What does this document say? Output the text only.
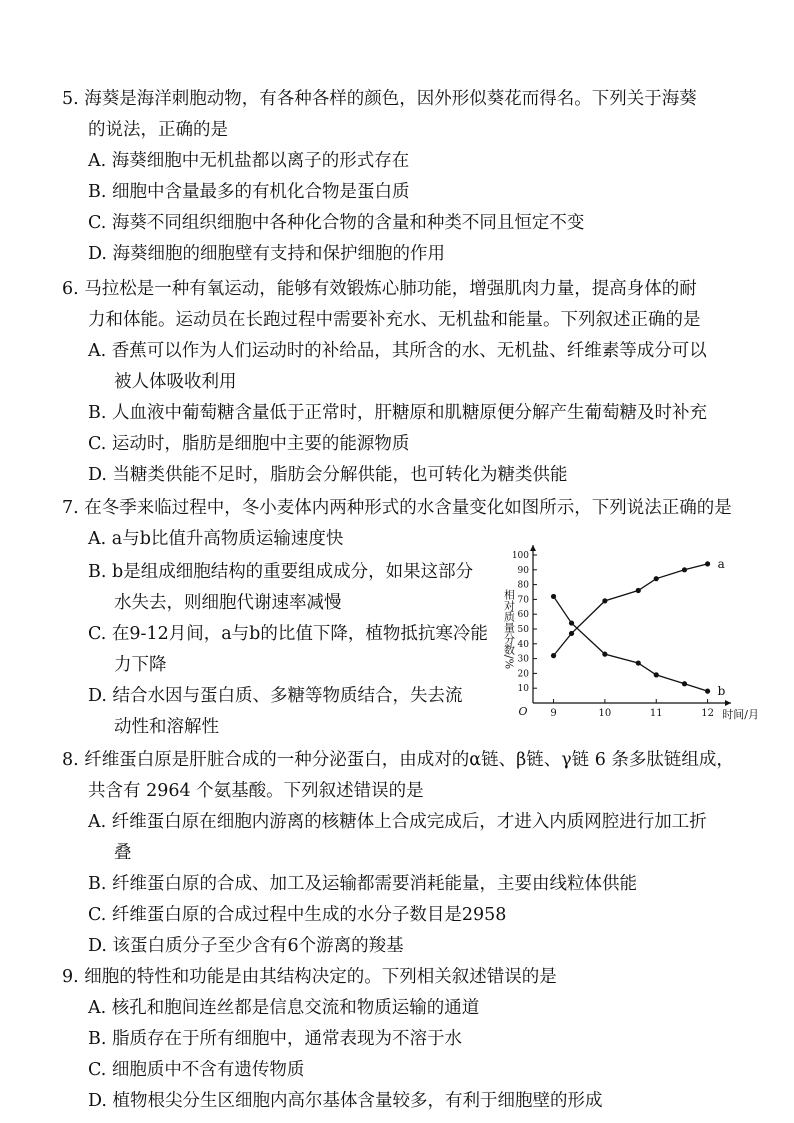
5. 海葵是海洋刺胞动物，有各种各样的颜色，因外形似葵花而得名。下列关于海葵
的说法，正确的是
A. 海葵细胞中无机盐都以离子的形式存在
B. 细胞中含量最多的有机化合物是蛋白质
C. 海葵不同组织细胞中各种化合物的含量和种类不同且恒定不变
D. 海葵细胞的细胞壁有支持和保护细胞的作用
6. 马拉松是一种有氧运动，能够有效锻炼心肺功能，增强肌肉力量，提高身体的耐
力和体能。运动员在长跑过程中需要补充水、无机盐和能量。下列叙述正确的是
A. 香蕉可以作为人们运动时的补给品，其所含的水、无机盐、纤维素等成分可以
被人体吸收利用
B. 人血液中葡萄糖含量低于正常时，肝糖原和肌糖原便分解产生葡萄糖及时补充
C. 运动时，脂肪是细胞中主要的能源物质
D. 当糖类供能不足时，脂肪会分解供能，也可转化为糖类供能
7. 在冬季来临过程中，冬小麦体内两种形式的水含量变化如图所示，下列说法正确的是
A. a与b比值升高物质运输速度快
B. b是组成细胞结构的重要组成成分，如果这部分
水失去，则细胞代谢速率减慢
C. 在9-12月间，a与b的比值下降，植物抵抗寒冷能
力下降
D. 结合水因与蛋白质、多糖等物质结合，失去流
动性和溶解性
10
20
30
40
50
60
70
80
90
100
9	10	11	12
O	时间/月
相对质量分数/%
a
b
8. 纤维蛋白原是肝脏合成的一种分泌蛋白，由成对的α链、β链、γ链 6 条多肽链组成，
共含有 2964 个氨基酸。下列叙述错误的是
A. 纤维蛋白原在细胞内游离的核糖体上合成完成后，才进入内质网腔进行加工折
叠
B. 纤维蛋白原的合成、加工及运输都需要消耗能量，主要由线粒体供能
C. 纤维蛋白原的合成过程中生成的水分子数目是2958
D. 该蛋白质分子至少含有6个游离的羧基
9. 细胞的特性和功能是由其结构决定的。下列相关叙述错误的是
A. 核孔和胞间连丝都是信息交流和物质运输的通道
B. 脂质存在于所有细胞中，通常表现为不溶于水
C. 细胞质中不含有遗传物质
D. 植物根尖分生区细胞内高尔基体含量较多，有利于细胞壁的形成
